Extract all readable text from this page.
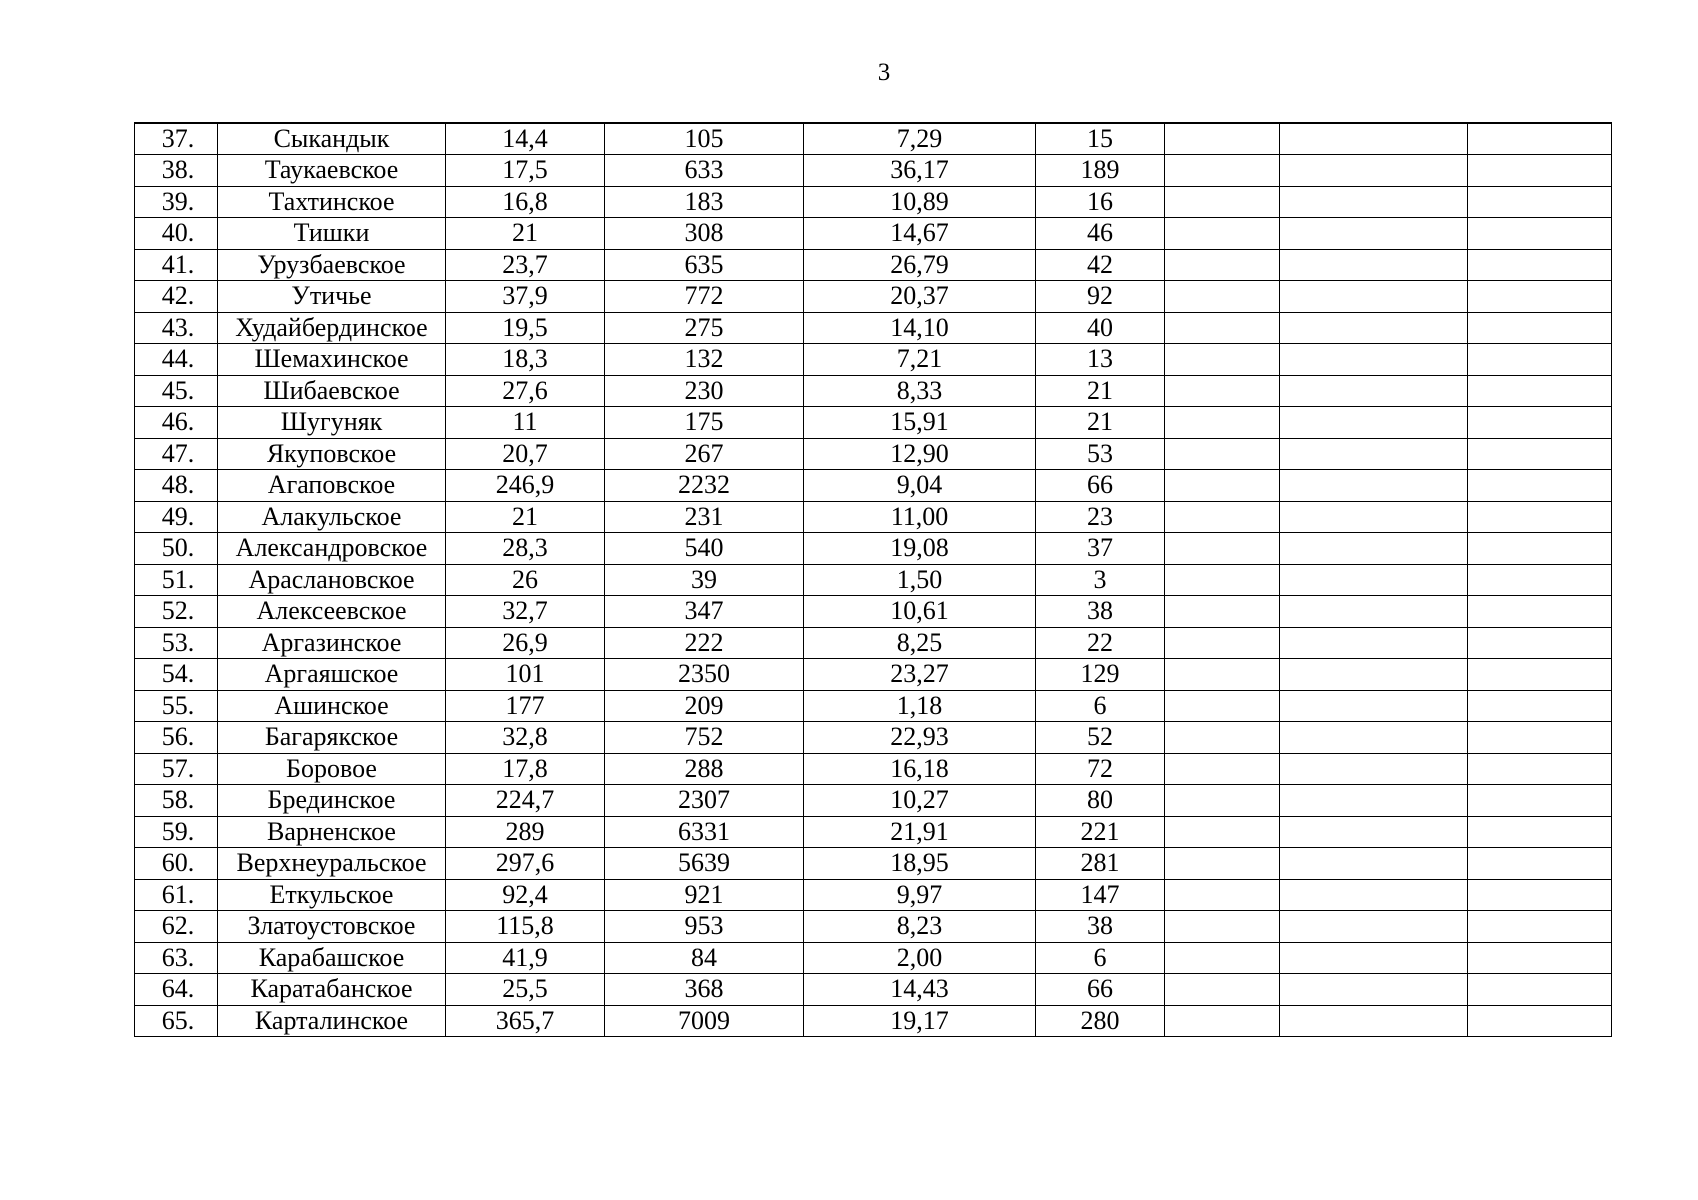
3
37.	Сыкандык	14,4	105	7,29	15			
38.	Таукаевское	17,5	633	36,17	189			
39.	Тахтинское	16,8	183	10,89	16			
40.	Тишки	21	308	14,67	46			
41.	Урузбаевское	23,7	635	26,79	42			
42.	Утичье	37,9	772	20,37	92			
43.	Худайбердинское	19,5	275	14,10	40			
44.	Шемахинское	18,3	132	7,21	13			
45.	Шибаевское	27,6	230	8,33	21			
46.	Шугуняк	11	175	15,91	21			
47.	Якуповское	20,7	267	12,90	53			
48.	Агаповское	246,9	2232	9,04	66			
49.	Алакульское	21	231	11,00	23			
50.	Александровское	28,3	540	19,08	37			
51.	Араслановское	26	39	1,50	3			
52.	Алексеевское	32,7	347	10,61	38			
53.	Аргазинское	26,9	222	8,25	22			
54.	Аргаяшское	101	2350	23,27	129			
55.	Ашинское	177	209	1,18	6			
56.	Багарякское	32,8	752	22,93	52			
57.	Боровое	17,8	288	16,18	72			
58.	Брединское	224,7	2307	10,27	80			
59.	Варненское	289	6331	21,91	221			
60.	Верхнеуральское	297,6	5639	18,95	281			
61.	Еткульское	92,4	921	9,97	147			
62.	Златоустовское	115,8	953	8,23	38			
63.	Карабашское	41,9	84	2,00	6			
64.	Каратабанское	25,5	368	14,43	66			
65.	Карталинское	365,7	7009	19,17	280			
